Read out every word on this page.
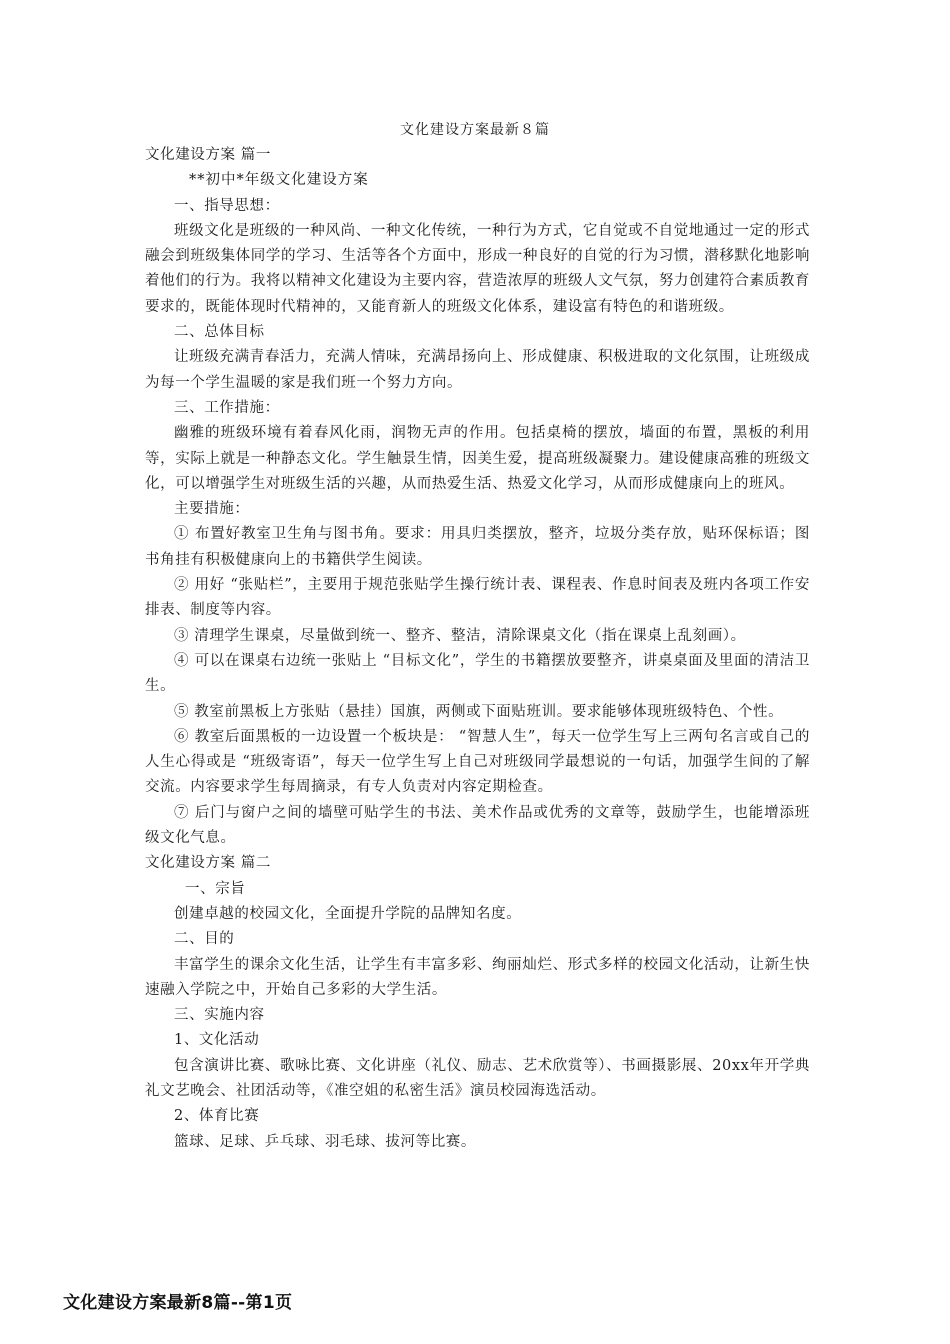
文化建设方案最新８篇

文化建设方案 篇一

**初中*年级文化建设方案

一、指导思想：

班级文化是班级的一种风尚、一种文化传统，一种行为方式，它自觉或不自觉地通过一定的形式融会到班级集体同学的学习、生活等各个方面中，形成一种良好的自觉的行为习惯，潜移默化地影响着他们的行为。我将以精神文化建设为主要内容，营造浓厚的班级人文气氛，努力创建符合素质教育要求的，既能体现时代精神的，又能育新人的班级文化体系，建设富有特色的和谐班级。

二、总体目标

让班级充满青春活力，充满人情味，充满昂扬向上、形成健康、积极进取的文化氛围，让班级成为每一个学生温暖的家是我们班一个努力方向。

三、工作措施：

幽雅的班级环境有着春风化雨，润物无声的作用。包括桌椅的摆放，墙面的布置，黑板的利用等，实际上就是一种静态文化。学生触景生情，因美生爱，提高班级凝聚力。建设健康高雅的班级文化，可以增强学生对班级生活的兴趣，从而热爱生活、热爱文化学习，从而形成健康向上的班风。

主要措施：

① 布置好教室卫生角与图书角。要求：用具归类摆放，整齐，垃圾分类存放，贴环保标语；图书角挂有积极健康向上的书籍供学生阅读。

② 用好 “张贴栏”，主要用于规范张贴学生操行统计表、课程表、作息时间表及班内各项工作安排表、制度等内容。

③ 清理学生课桌，尽量做到统一、整齐、整洁，清除课桌文化（指在课桌上乱刻画）。

④ 可以在课桌右边统一张贴上 “目标文化”，学生的书籍摆放要整齐，讲桌桌面及里面的清洁卫生。

⑤ 教室前黑板上方张贴（悬挂）国旗，两侧或下面贴班训。要求能够体现班级特色、个性。

⑥ 教室后面黑板的一边设置一个板块是： “智慧人生”，每天一位学生写上三两句名言或自己的人生心得或是 “班级寄语”，每天一位学生写上自己对班级同学最想说的一句话，加强学生间的了解交流。内容要求学生每周摘录，有专人负责对内容定期检查。

⑦ 后门与窗户之间的墙壁可贴学生的书法、美术作品或优秀的文章等，鼓励学生，也能增添班级文化气息。

文化建设方案 篇二

一、宗旨

创建卓越的校园文化，全面提升学院的品牌知名度。

二、目的

丰富学生的课余文化生活，让学生有丰富多彩、绚丽灿烂、形式多样的校园文化活动，让新生快速融入学院之中，开始自己多彩的大学生活。

三、实施内容

1、文化活动

包含演讲比赛、歌咏比赛、文化讲座（礼仪、励志、艺术欣赏等）、书画摄影展、20xx年开学典礼文艺晚会、社团活动等，《准空姐的私密生活》演员校园海选活动。

2、体育比赛

篮球、足球、乒乓球、羽毛球、拔河等比赛。

文化建设方案最新8篇--第1页
